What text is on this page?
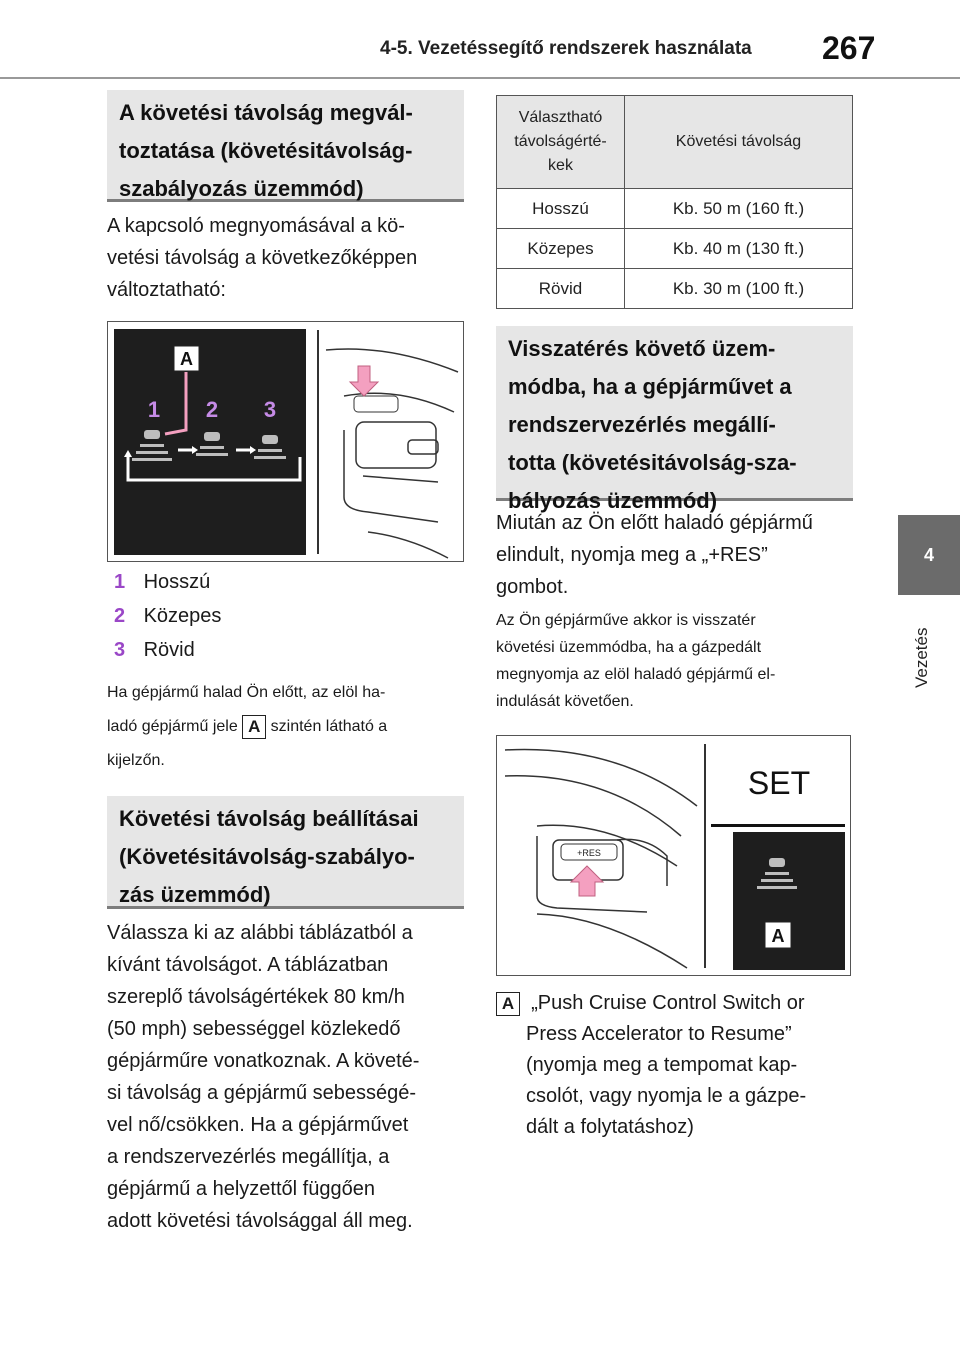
4-5. Vezetéssegítő rendszerek használata 267
4
Vezetés
A követési távolság megvál-
toztatása (követésitávolság-
szabályozás üzemmód)
A kapcsoló megnyomásával a kö-
vetési távolság a következőképpen
változtatható:
A
1 2 3
1 Hosszú
2 Közepes
3 Rövid
Ha gépjármű halad Ön előtt, az elöl ha-
ladó gépjármű jele A szintén látható a
kijelzőn.
Követési távolság beállításai
(Követésitávolság-szabályo-
zás üzemmód)
Válassza ki az alábbi táblázatból a
kívánt távolságot. A táblázatban
szereplő távolságértékek 80 km/h
(50 mph) sebességgel közlekedő
gépjárműre vonatkoznak. A követé-
si távolság a gépjármű sebességé-
vel nő/csökken. Ha a gépjárművet
a rendszervezérlés megállítja, a
gépjármű a helyzettől függően
adott követési távolsággal áll meg.
Választható
távolságérté-
kek	Követési távolság

Hosszú	Kb. 50 m (160 ft.)
Közepes	Kb. 40 m (130 ft.)
Rövid	Kb. 30 m (100 ft.)
Visszatérés követő üzem-
módba, ha a gépjárművet a
rendszervezérlés megállí-
totta (követésitávolság-sza-
bályozás üzemmód)
Miután az Ön előtt haladó gépjármű
elindult, nyomja meg a „+RES”
gombot.
Az Ön gépjárműve akkor is visszatér
követési üzemmódba, ha a gázpedált
megnyomja az elöl haladó gépjármű el-
indulását követően.
+RES
SET
A
A „Push Cruise Control Switch or
Press Accelerator to Resume”
(nyomja meg a tempomat kap-
csolót, vagy nyomja le a gázpe-
dált a folytatáshoz)
